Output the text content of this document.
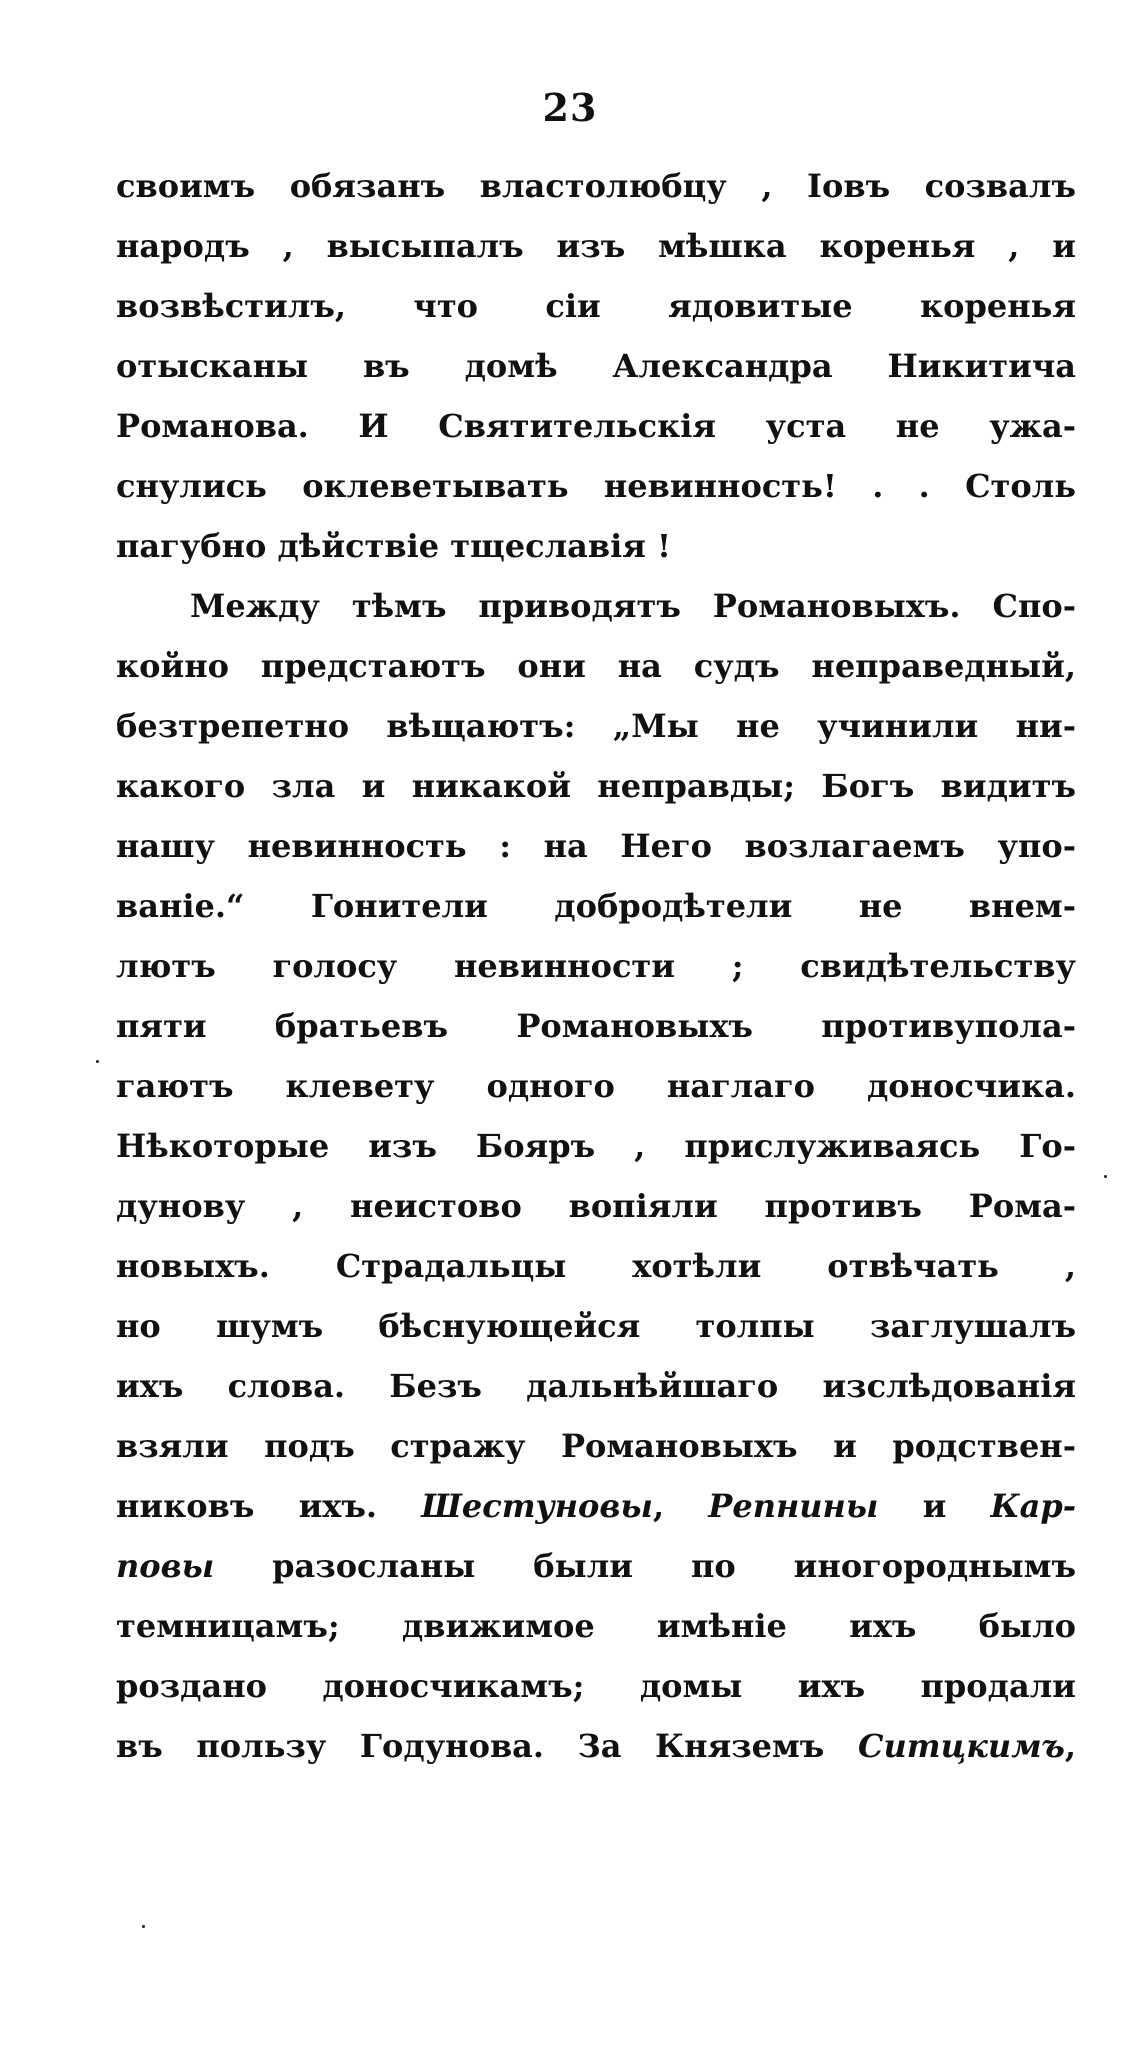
23
своимъ обязанъ властолюбцу , Іовъ созвалъ
народъ , высыпалъ изъ мѣшка коренья , и
возвѣстилъ, что сіи ядовитые коренья
отысканы въ домѣ Александра Никитича
Романова. И Святительскія уста не ужа-
снулись оклеветывать невинность! . . Столь
пагубно дѣйствіе тщеславія !
Между тѣмъ приводятъ Романовыхъ. Спо-
койно предстаютъ они на судъ неправедный,
безтрепетно вѣщаютъ: „Мы не учинили ни-
какого зла и никакой неправды; Богъ видитъ
нашу невинность : на Него возлагаемъ упо-
ваніе.“ Гонители добродѣтели не внем-
лютъ голосу невинности ; свидѣтельству
пяти братьевъ Романовыхъ противупола-
гаютъ клевету одного наглаго доносчика.
Нѣкоторые изъ Бояръ , прислуживаясь Го-
дунову , неистово вопіяли противъ Рома-
новыхъ. Страдальцы хотѣли отвѣчать ,
но шумъ бѣснующейся толпы заглушалъ
ихъ слова. Безъ дальнѣйшаго изслѣдованія
взяли подъ стражу Романовыхъ и родствен-
никовъ ихъ. Шестуновы, Репнины и Кар-
повы разосланы были по иногороднымъ
темницамъ; движимое имѣніе ихъ было
роздано доносчикамъ; домы ихъ продали
въ пользу Годунова. За Княземъ Ситцкимъ,
